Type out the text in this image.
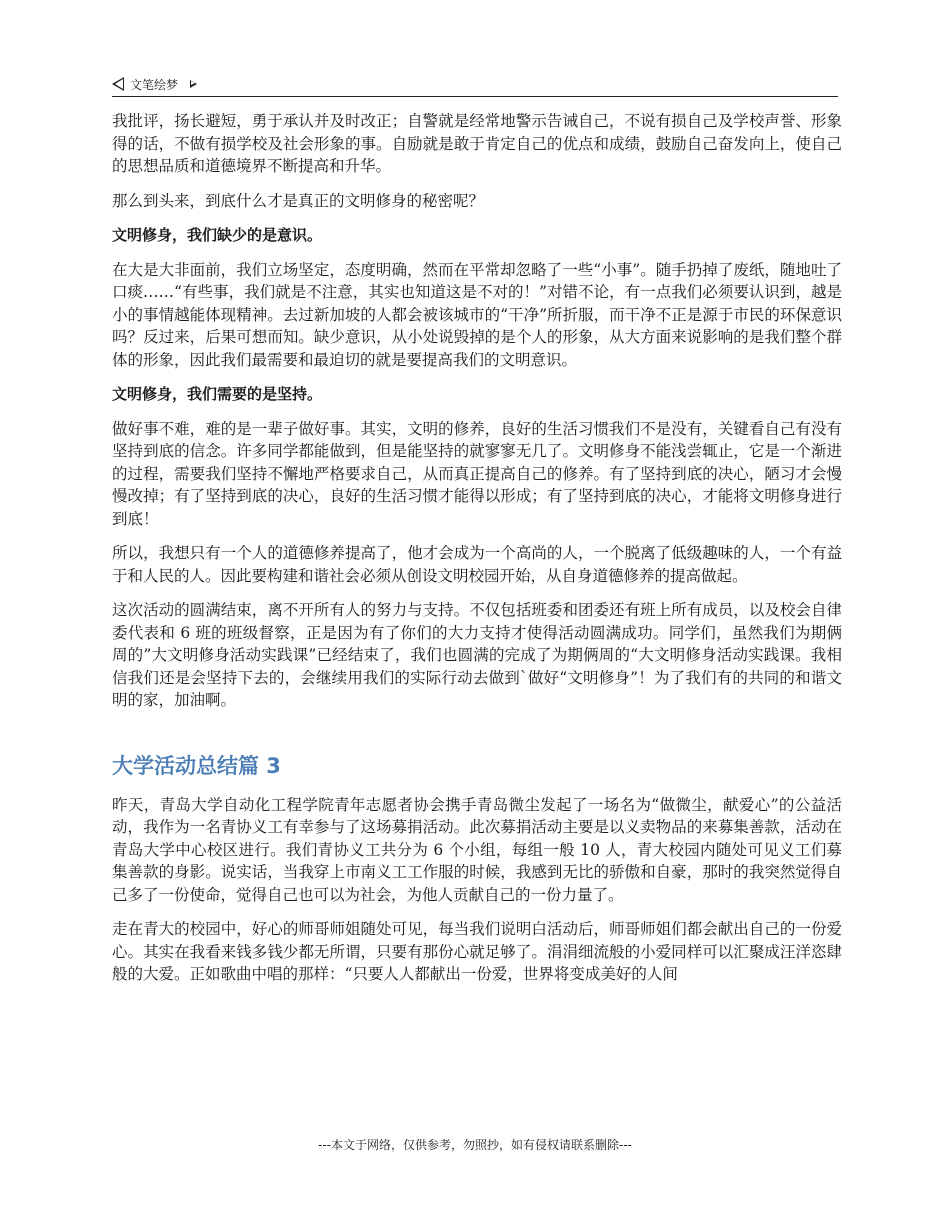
文笔绘梦

我批评，扬长避短，勇于承认并及时改正；自警就是经常地警示告诫自己，不说有损自己及学校声誉、形象得的话，不做有损学校及社会形象的事。自励就是敢于肯定自己的优点和成绩，鼓励自己奋发向上，使自己的思想品质和道德境界不断提高和升华。

那么到头来，到底什么才是真正的文明修身的秘密呢？

文明修身，我们缺少的是意识。

在大是大非面前，我们立场坚定，态度明确，然而在平常却忽略了一些“小事”。随手扔掉了废纸，随地吐了口痰……“有些事，我们就是不注意，其实也知道这是不对的！”对错不论，有一点我们必须要认识到，越是小的事情越能体现精神。去过新加坡的人都会被该城市的“干净”所折服，而干净不正是源于市民的环保意识吗？反过来，后果可想而知。缺少意识，从小处说毁掉的是个人的形象，从大方面来说影响的是我们整个群体的形象，因此我们最需要和最迫切的就是要提高我们的文明意识。

文明修身，我们需要的是坚持。

做好事不难，难的是一辈子做好事。其实，文明的修养，良好的生活习惯我们不是没有，关键看自己有没有坚持到底的信念。许多同学都能做到，但是能坚持的就寥寥无几了。文明修身不能浅尝辄止，它是一个渐进的过程，需要我们坚持不懈地严格要求自己，从而真正提高自己的修养。有了坚持到底的决心，陋习才会慢慢改掉；有了坚持到底的决心，良好的生活习惯才能得以形成；有了坚持到底的决心，才能将文明修身进行到底！

所以，我想只有一个人的道德修养提高了，他才会成为一个高尚的人，一个脱离了低级趣味的人，一个有益于和人民的人。因此要构建和谐社会必须从创设文明校园开始，从自身道德修养的提高做起。

这次活动的圆满结束，离不开所有人的努力与支持。不仅包括班委和团委还有班上所有成员，以及校会自律委代表和 6 班的班级督察，正是因为有了你们的大力支持才使得活动圆满成功。同学们，虽然我们为期俩周的”大文明修身活动实践课”已经结束了，我们也圆满的完成了为期俩周的“大文明修身活动实践课。我相信我们还是会坚持下去的，会继续用我们的实际行动去做到`做好“文明修身”！为了我们有的共同的和谐文明的家，加油啊。

大学活动总结篇 3

昨天，青岛大学自动化工程学院青年志愿者协会携手青岛微尘发起了一场名为“做微尘，献爱心”的公益活动，我作为一名青协义工有幸参与了这场募捐活动。此次募捐活动主要是以义卖物品的来募集善款，活动在青岛大学中心校区进行。我们青协义工共分为 6 个小组，每组一般 10 人，青大校园内随处可见义工们募集善款的身影。说实话，当我穿上市南义工工作服的时候，我感到无比的骄傲和自豪，那时的我突然觉得自己多了一份使命，觉得自己也可以为社会，为他人贡献自己的一份力量了。

走在青大的校园中，好心的师哥师姐随处可见，每当我们说明白活动后，师哥师姐们都会献出自己的一份爱心。其实在我看来钱多钱少都无所谓，只要有那份心就足够了。涓涓细流般的小爱同样可以汇聚成汪洋恣肆般的大爱。正如歌曲中唱的那样：“只要人人都献出一份爱，世界将变成美好的人间

---本文于网络，仅供参考，勿照抄，如有侵权请联系删除---
